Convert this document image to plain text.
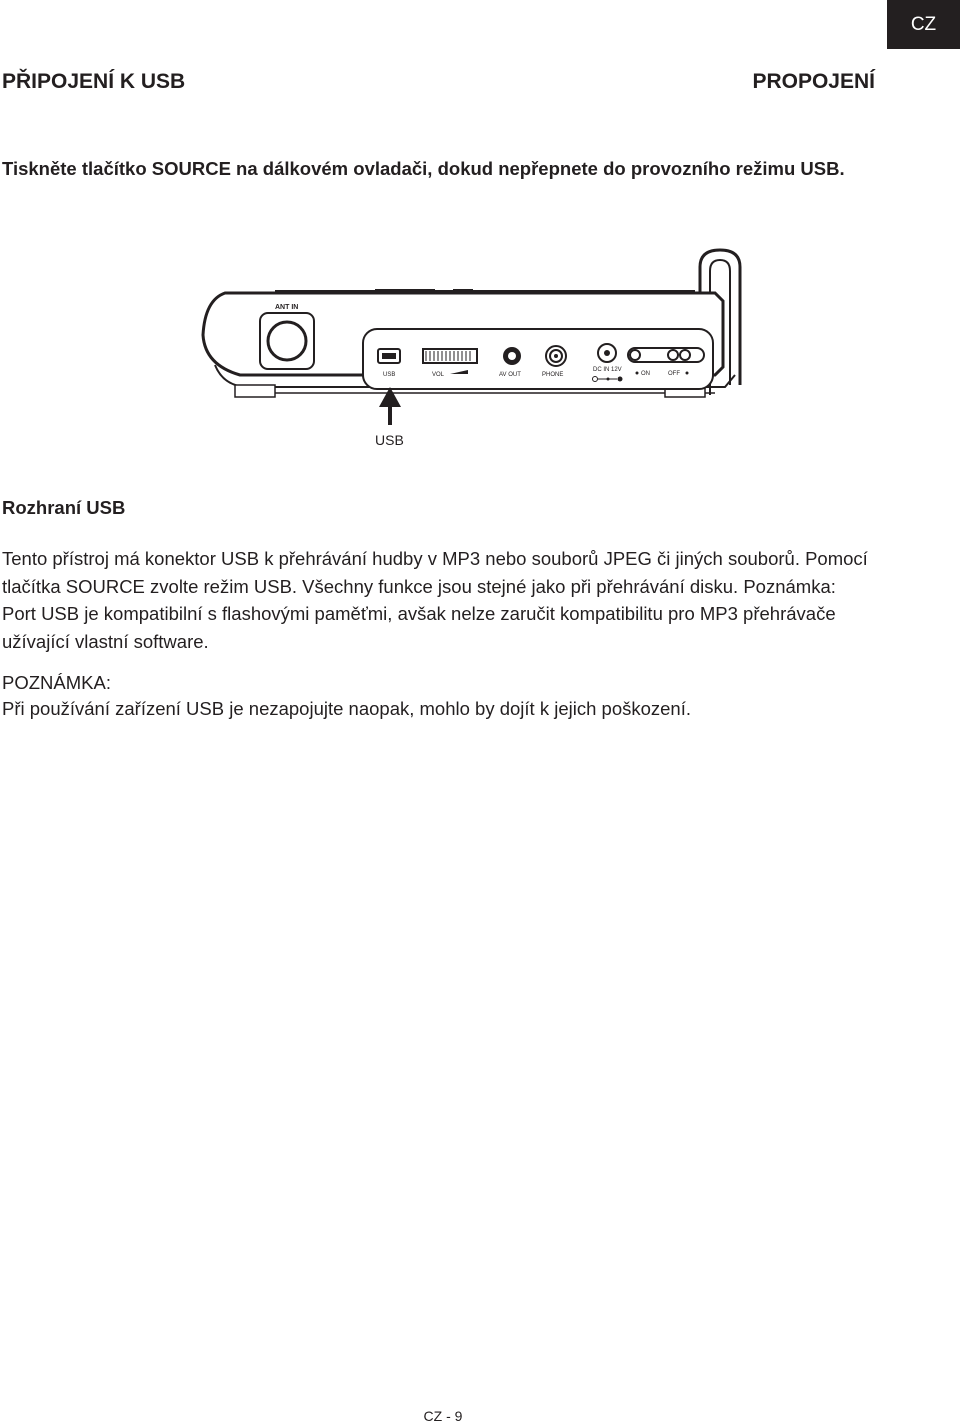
CZ
PŘIPOJENÍ K USB	PROPOJENÍ

Tiskněte tlačítko SOURCE na dálkovém ovladači, dokud nepřepnete do provozního režimu USB.

ANT IN
USB	VOL	AV OUT	PHONE
DC IN 12V
ON	OFF
USB
Rozhraní USB

Tento přístroj má konektor USB k přehrávání hudby v MP3 nebo souborů JPEG či jiných souborů. Pomocí tlačítka SOURCE zvolte režim USB. Všechny funkce jsou stejné jako při přehrávání disku. Poznámka: Port USB je kompatibilní s flashovými paměťmi, avšak nelze zaručit kompatibilitu pro MP3 přehrávače užívající vlastní software.

POZNÁMKA:

Při používání zařízení USB je nezapojujte naopak, mohlo by dojít k jejich poškození.

CZ - 9
